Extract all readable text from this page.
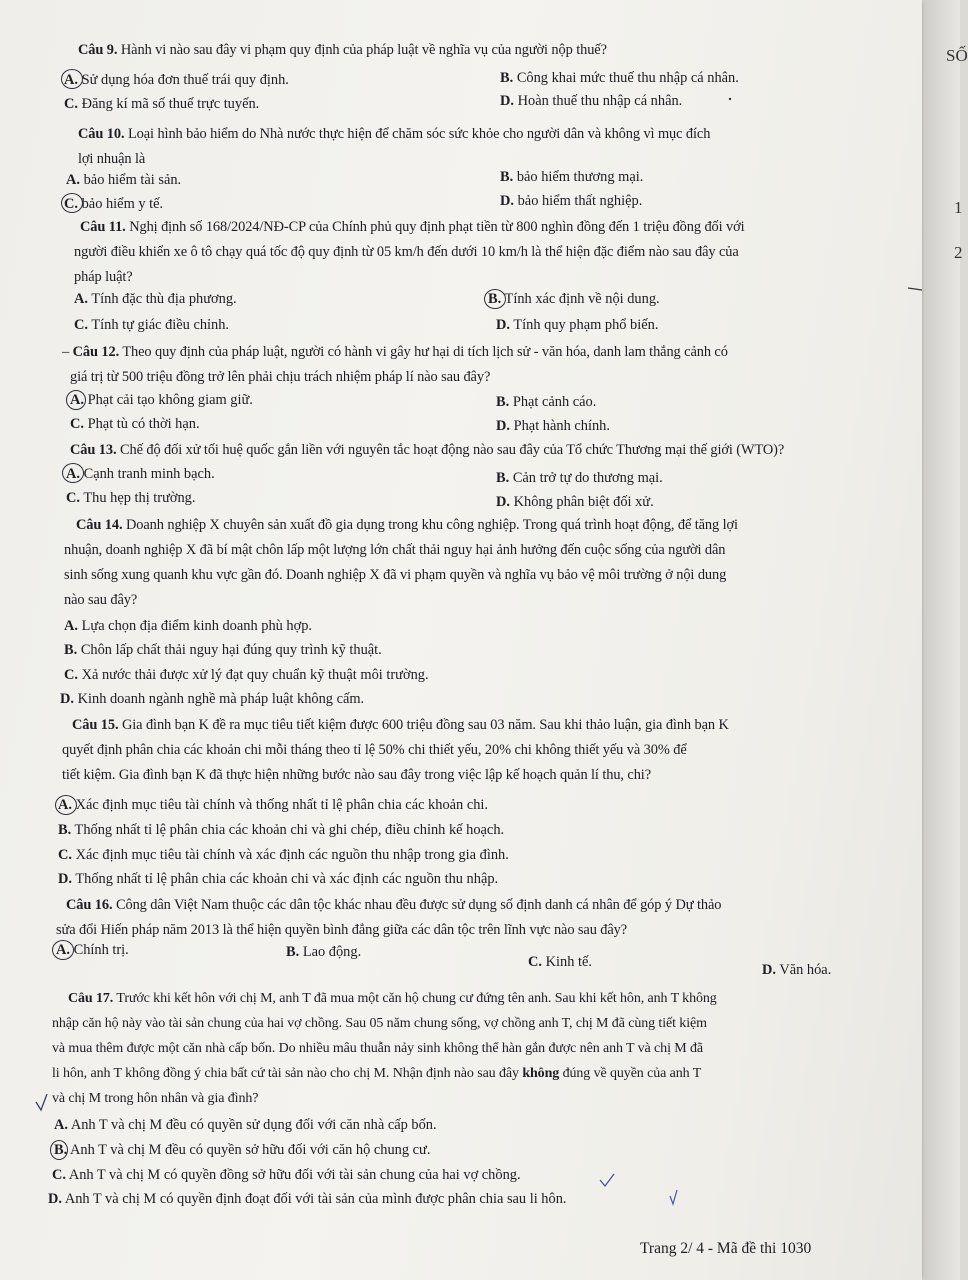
SỐ
1
2
Câu 9. Hành vi nào sau đây vi phạm quy định của pháp luật về nghĩa vụ của người nộp thuế?
A. Sử dụng hóa đơn thuế trái quy định.	B. Công khai mức thuế thu nhập cá nhân.
C. Đăng kí mã số thuế trực tuyến.	D. Hoàn thuế thu nhập cá nhân.
Câu 10. Loại hình bảo hiểm do Nhà nước thực hiện để chăm sóc sức khỏe cho người dân và không vì mục đích
lợi nhuận là
A. bảo hiểm tài sản.	B. bảo hiểm thương mại.
C. bảo hiểm y tế.	D. bảo hiểm thất nghiệp.
Câu 11. Nghị định số 168/2024/NĐ-CP của Chính phủ quy định phạt tiền từ 800 nghìn đồng đến 1 triệu đồng đối với
người điều khiển xe ô tô chạy quá tốc độ quy định từ 05 km/h đến dưới 10 km/h là thể hiện đặc điểm nào sau đây của
pháp luật?
A. Tính đặc thù địa phương.	B. Tính xác định về nội dung.
C. Tính tự giác điều chỉnh.	D. Tính quy phạm phổ biến.
– Câu 12. Theo quy định của pháp luật, người có hành vi gây hư hại di tích lịch sử - văn hóa, danh lam thắng cảnh có
giá trị từ 500 triệu đồng trở lên phải chịu trách nhiệm pháp lí nào sau đây?
A. Phạt cải tạo không giam giữ.	B. Phạt cảnh cáo.
C. Phạt tù có thời hạn.	D. Phạt hành chính.
Câu 13. Chế độ đối xử tối huệ quốc gắn liền với nguyên tắc hoạt động nào sau đây của Tổ chức Thương mại thế giới (WTO)?
A. Cạnh tranh minh bạch.	B. Cản trở tự do thương mại.
C. Thu hẹp thị trường.	D. Không phân biệt đối xử.
Câu 14. Doanh nghiệp X chuyên sản xuất đồ gia dụng trong khu công nghiệp. Trong quá trình hoạt động, để tăng lợi
nhuận, doanh nghiệp X đã bí mật chôn lấp một lượng lớn chất thải nguy hại ảnh hưởng đến cuộc sống của người dân
sinh sống xung quanh khu vực gần đó. Doanh nghiệp X đã vi phạm quyền và nghĩa vụ bảo vệ môi trường ở nội dung
nào sau đây?
A. Lựa chọn địa điểm kinh doanh phù hợp.
B. Chôn lấp chất thải nguy hại đúng quy trình kỹ thuật.
C. Xả nước thải được xử lý đạt quy chuẩn kỹ thuật môi trường.
D. Kinh doanh ngành nghề mà pháp luật không cấm.
Câu 15. Gia đình bạn K đề ra mục tiêu tiết kiệm được 600 triệu đồng sau 03 năm. Sau khi thảo luận, gia đình bạn K
quyết định phân chia các khoản chi mỗi tháng theo tỉ lệ 50% chi thiết yếu, 20% chi không thiết yếu và 30% để
tiết kiệm. Gia đình bạn K đã thực hiện những bước nào sau đây trong việc lập kế hoạch quản lí thu, chi?
A. Xác định mục tiêu tài chính và thống nhất tỉ lệ phân chia các khoản chi.
B. Thống nhất tỉ lệ phân chia các khoản chi và ghi chép, điều chỉnh kế hoạch.
C. Xác định mục tiêu tài chính và xác định các nguồn thu nhập trong gia đình.
D. Thống nhất tỉ lệ phân chia các khoản chi và xác định các nguồn thu nhập.
Câu 16. Công dân Việt Nam thuộc các dân tộc khác nhau đều được sử dụng số định danh cá nhân để góp ý Dự thảo
sửa đổi Hiến pháp năm 2013 là thể hiện quyền bình đẳng giữa các dân tộc trên lĩnh vực nào sau đây?
A. Chính trị.	B. Lao động.
C. Kinh tế.	D. Văn hóa.
Câu 17. Trước khi kết hôn với chị M, anh T đã mua một căn hộ chung cư đứng tên anh. Sau khi kết hôn, anh T không
nhập căn hộ này vào tài sản chung của hai vợ chồng. Sau 05 năm chung sống, vợ chồng anh T, chị M đã cùng tiết kiệm
và mua thêm được một căn nhà cấp bốn. Do nhiều mâu thuẫn nảy sinh không thể hàn gắn được nên anh T và chị M đã
li hôn, anh T không đồng ý chia bất cứ tài sản nào cho chị M. Nhận định nào sau đây không đúng về quyền của anh T
và chị M trong hôn nhân và gia đình?
A. Anh T và chị M đều có quyền sử dụng đối với căn nhà cấp bốn.
B. Anh T và chị M đều có quyền sở hữu đối với căn hộ chung cư.
C. Anh T và chị M có quyền đồng sở hữu đối với tài sản chung của hai vợ chồng.
D. Anh T và chị M có quyền định đoạt đối với tài sản của mình được phân chia sau li hôn.
Trang 2/ 4 - Mã đề thi 1030
